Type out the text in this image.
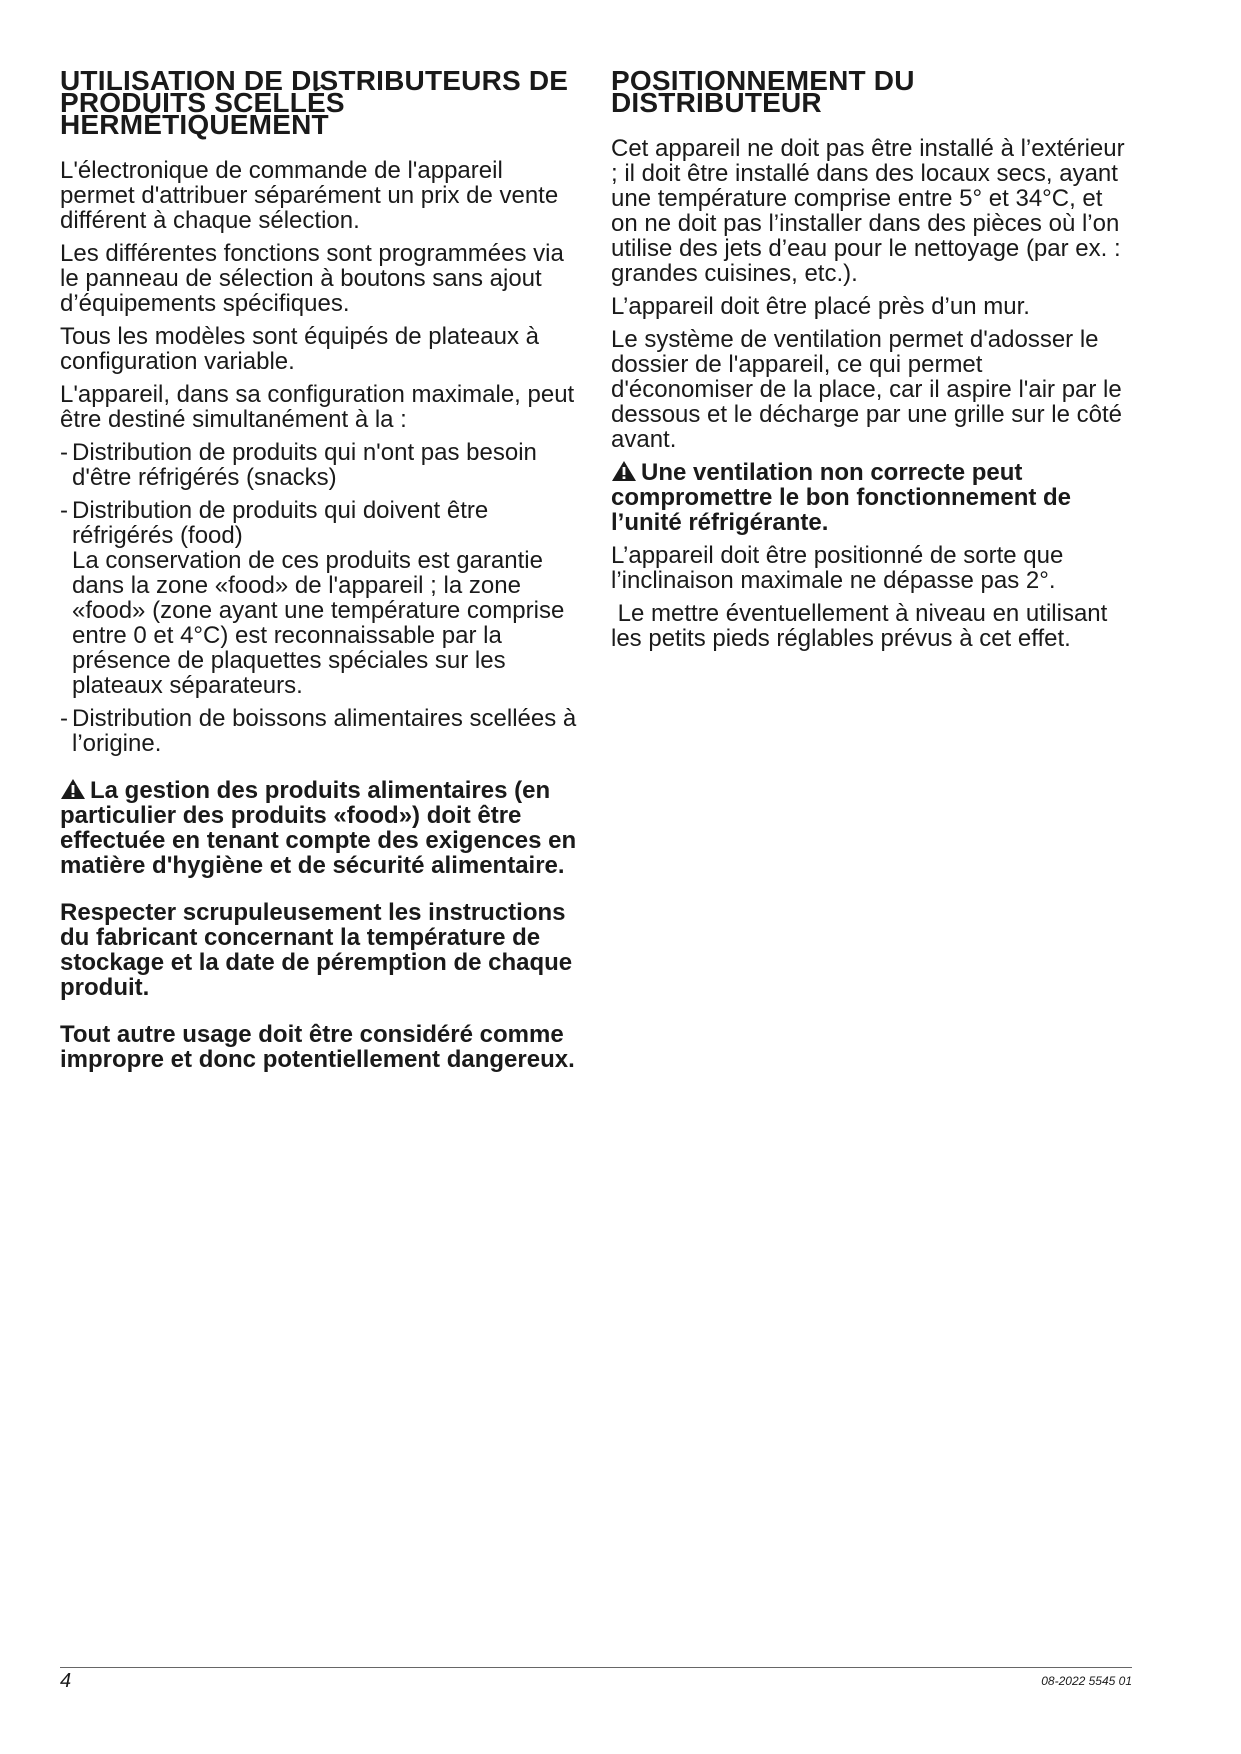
UTILISATION DE DISTRIBUTEURS DE PRODUITS SCELLÉS HERMÉTIQUEMENT

L'électronique de commande de l'appareil permet d'attribuer séparément un prix de vente différent à chaque sélection.

Les différentes fonctions sont programmées via le panneau de sélection à boutons sans ajout d’équipements spécifiques.

Tous les modèles sont équipés de plateaux à configuration variable.

L'appareil, dans sa configuration maximale, peut être destiné simultanément à la :

- Distribution de produits qui n'ont pas besoin d'être réfrigérés (snacks)
- Distribution de produits qui doivent être réfrigérés (food)
La conservation de ces produits est garantie dans la zone «food» de l'appareil ; la zone «food» (zone ayant une température comprise entre 0 et 4°C) est reconnaissable par la présence de plaquettes spéciales sur les plateaux séparateurs.
- Distribution de boissons alimentaires scellées à l’origine.
La gestion des produits alimentaires (en particulier des produits «food») doit être effectuée en tenant compte des exigences en matière d'hygiène et de sécurité alimentaire.
Respecter scrupuleusement les instructions du fabricant concernant la température de stockage et la date de péremption de chaque produit.
Tout autre usage doit être considéré comme impropre et donc potentiellement dangereux.
POSITIONNEMENT DU DISTRIBUTEUR

Cet appareil ne doit pas être installé à l’extérieur ; il doit être installé dans des locaux secs, ayant une température comprise entre 5° et 34°C, et on ne doit pas l’installer dans des pièces où l’on utilise des jets d’eau pour le nettoyage (par ex. : grandes cuisines, etc.).

L’appareil doit être placé près d’un mur.

Le système de ventilation permet d'adosser le dossier de l'appareil, ce qui permet d'économiser de la place, car il aspire l'air par le dessous et le décharge par une grille sur le côté avant.

Une ventilation non correcte peut compromettre le bon fonctionnement de l’unité réfrigérante.

L’appareil doit être positionné de sorte que l’inclinaison maximale ne dépasse pas 2°.

Le mettre éventuellement à niveau en utilisant les petits pieds réglables prévus à cet effet.

4	08-2022 5545 01
